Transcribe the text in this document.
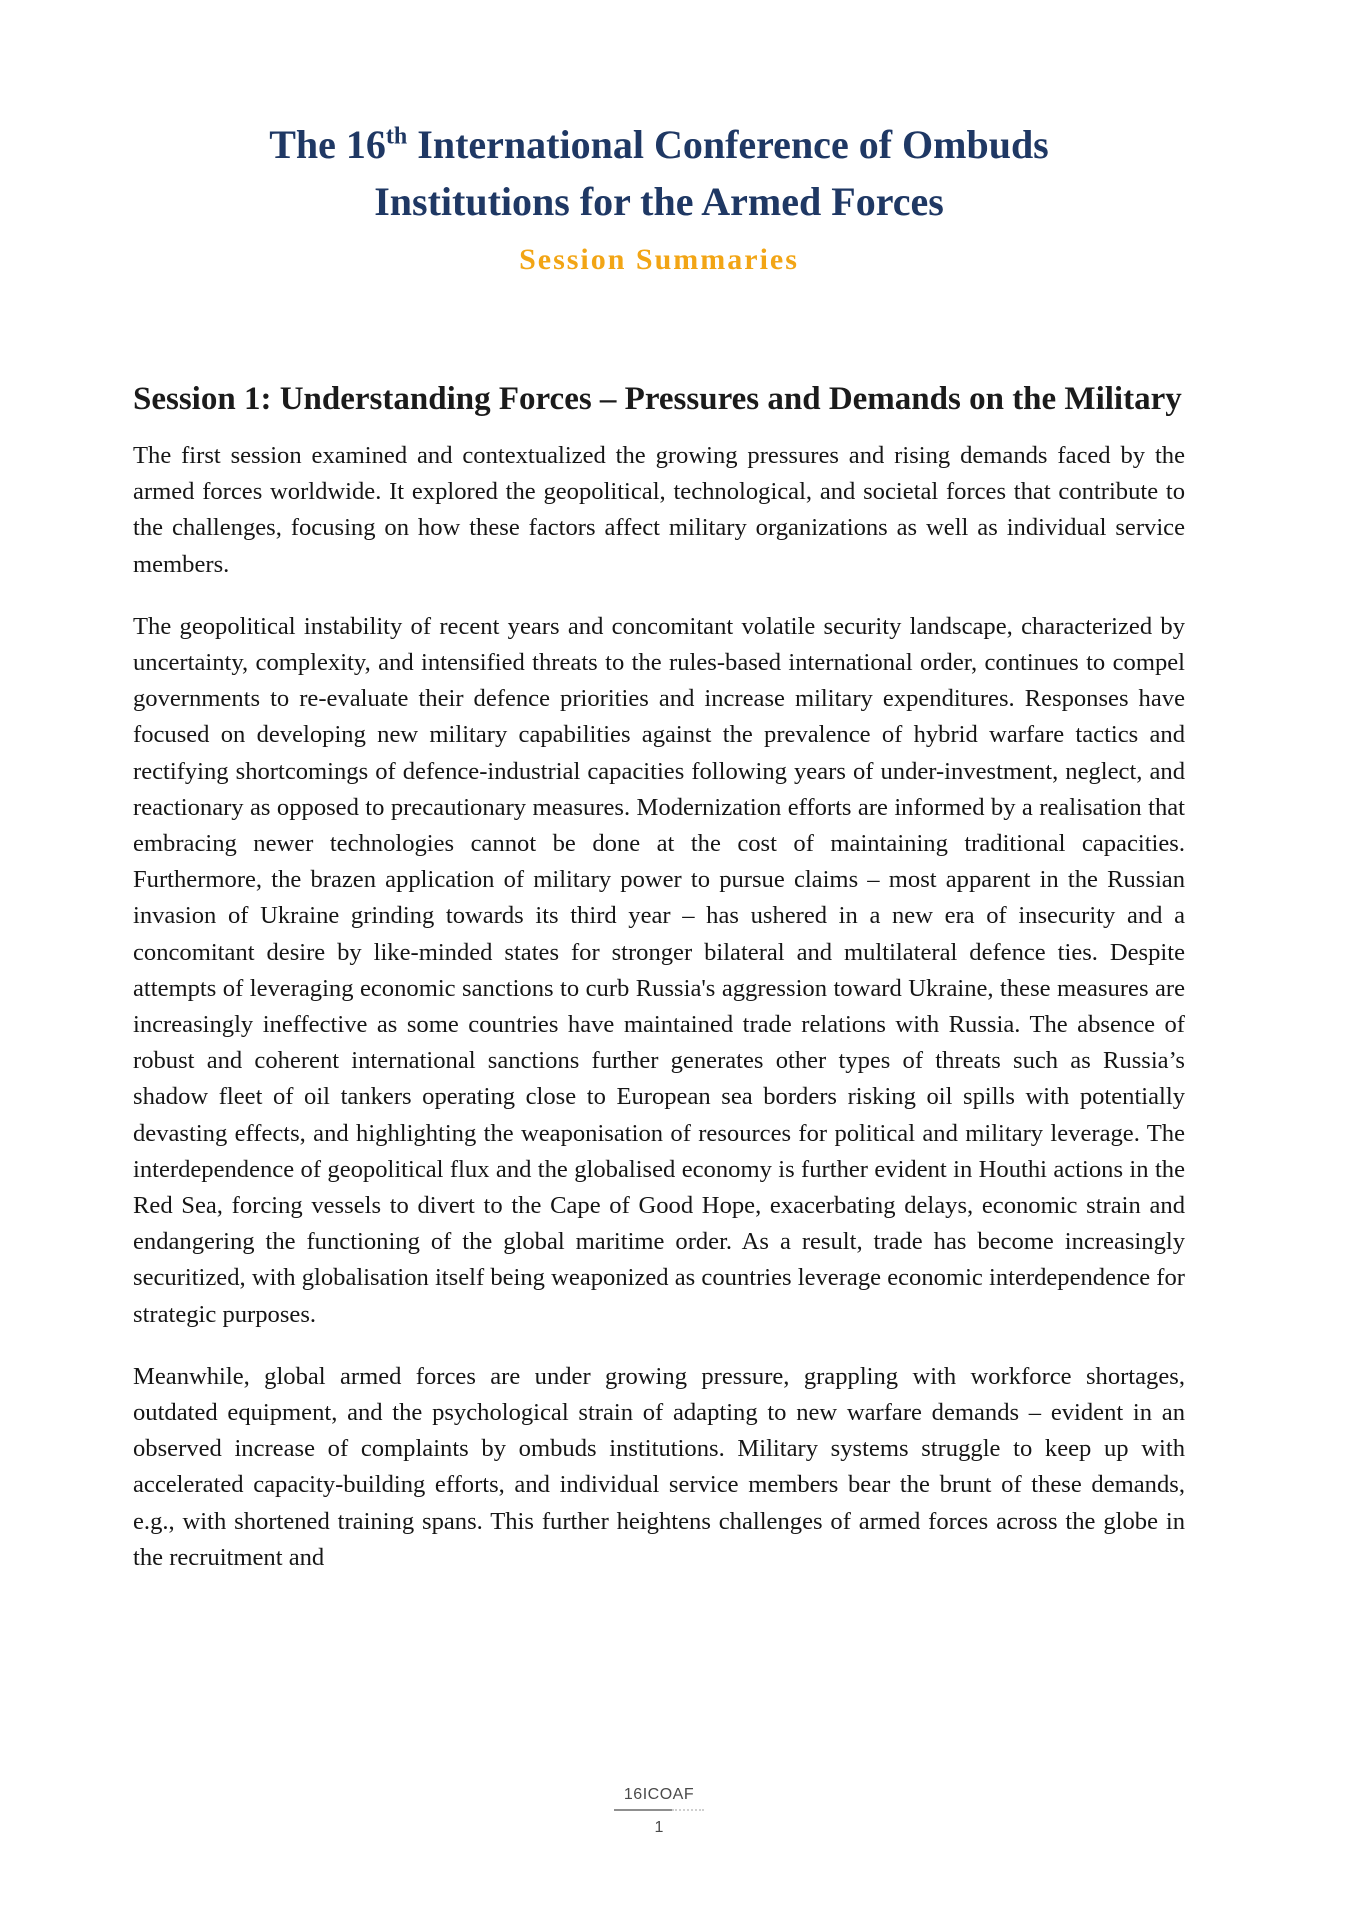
The 16th International Conference of Ombuds
Institutions for the Armed Forces
Session Summaries
Session 1: Understanding Forces – Pressures and Demands on the Military

The first session examined and contextualized the growing pressures and rising demands faced by the armed forces worldwide. It explored the geopolitical, technological, and societal forces that contribute to the challenges, focusing on how these factors affect military organizations as well as individual service members.

The geopolitical instability of recent years and concomitant volatile security landscape, characterized by uncertainty, complexity, and intensified threats to the rules-based international order, continues to compel governments to re-evaluate their defence priorities and increase military expenditures. Responses have focused on developing new military capabilities against the prevalence of hybrid warfare tactics and rectifying shortcomings of defence-industrial capacities following years of under-investment, neglect, and reactionary as opposed to precautionary measures. Modernization efforts are informed by a realisation that embracing newer technologies cannot be done at the cost of maintaining traditional capacities. Furthermore, the brazen application of military power to pursue claims – most apparent in the Russian invasion of Ukraine grinding towards its third year – has ushered in a new era of insecurity and a concomitant desire by like-minded states for stronger bilateral and multilateral defence ties. Despite attempts of leveraging economic sanctions to curb Russia's aggression toward Ukraine, these measures are increasingly ineffective as some countries have maintained trade relations with Russia. The absence of robust and coherent international sanctions further generates other types of threats such as Russia’s shadow fleet of oil tankers operating close to European sea borders risking oil spills with potentially devasting effects, and highlighting the weaponisation of resources for political and military leverage. The interdependence of geopolitical flux and the globalised economy is further evident in Houthi actions in the Red Sea, forcing vessels to divert to the Cape of Good Hope, exacerbating delays, economic strain and endangering the functioning of the global maritime order. As a result, trade has become increasingly securitized, with globalisation itself being weaponized as countries leverage economic interdependence for strategic purposes.

Meanwhile, global armed forces are under growing pressure, grappling with workforce shortages, outdated equipment, and the psychological strain of adapting to new warfare demands – evident in an observed increase of complaints by ombuds institutions. Military systems struggle to keep up with accelerated capacity-building efforts, and individual service members bear the brunt of these demands, e.g., with shortened training spans. This further heightens challenges of armed forces across the globe in the recruitment and

16ICOAF
1
